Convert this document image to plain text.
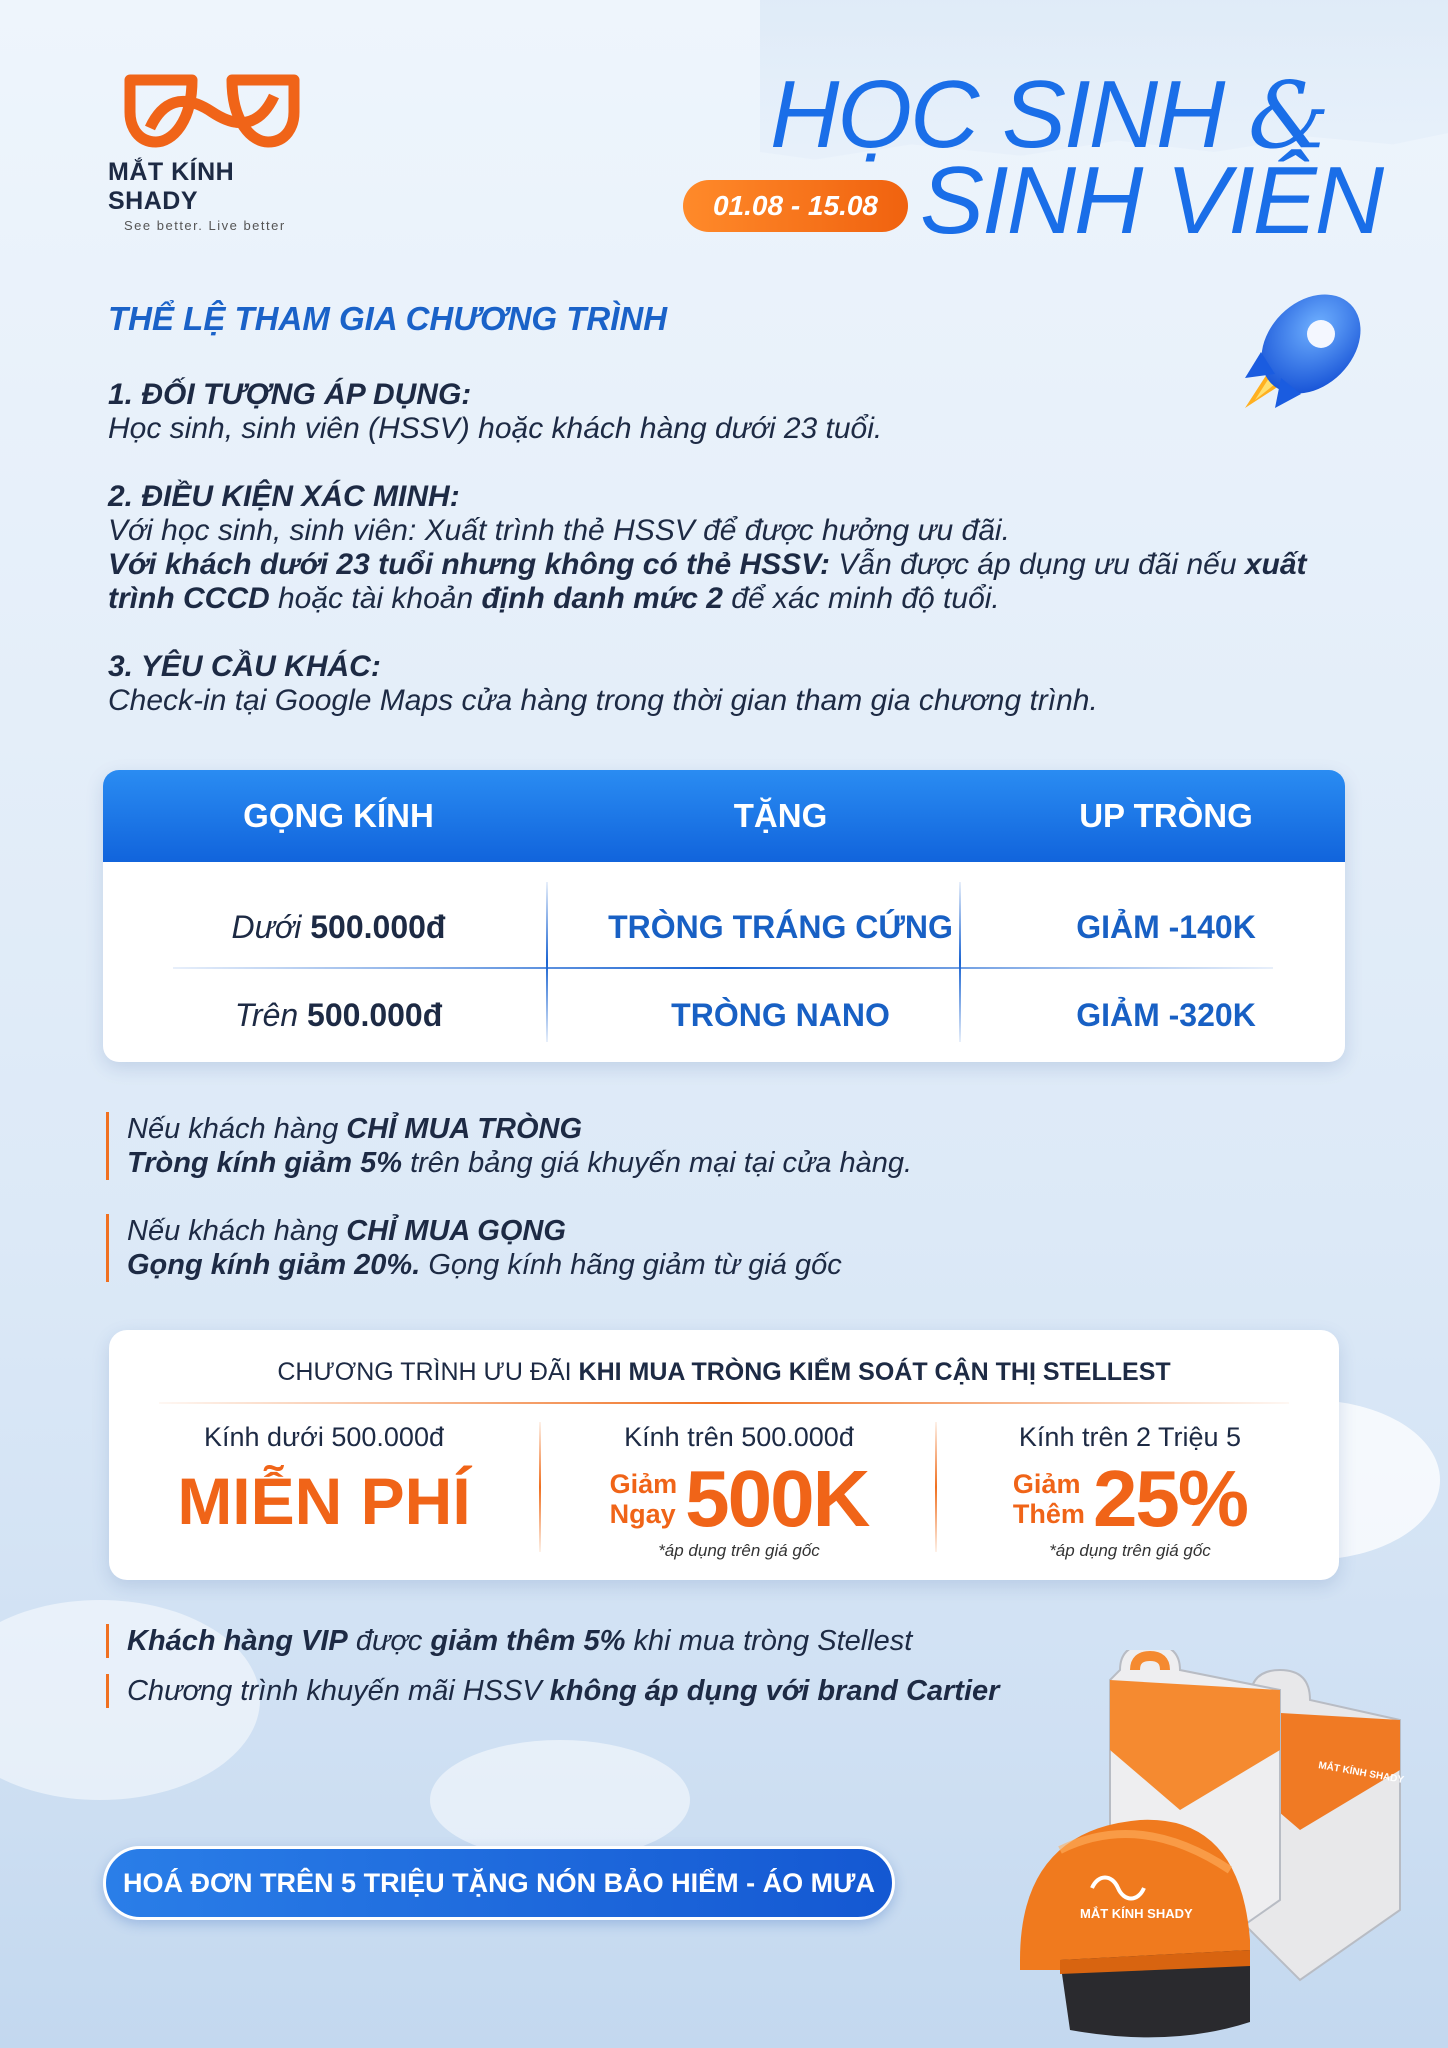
MẮT KÍNH SHADY
See better. Live better
HỌC SINH &
SINH VIÊN
01.08 - 15.08
THỂ LỆ THAM GIA CHƯƠNG TRÌNH
1. ĐỐI TƯỢNG ÁP DỤNG:
Học sinh, sinh viên (HSSV) hoặc khách hàng dưới 23 tuổi.
2. ĐIỀU KIỆN XÁC MINH:
Với học sinh, sinh viên: Xuất trình thẻ HSSV để được hưởng ưu đãi.
Với khách dưới 23 tuổi nhưng không có thẻ HSSV: Vẫn được áp dụng ưu đãi nếu xuất
trình CCCD hoặc tài khoản định danh mức 2 để xác minh độ tuổi.
3. YÊU CẦU KHÁC:
Check-in tại Google Maps cửa hàng trong thời gian tham gia chương trình.
GỌNG KÍNH	TẶNG	UP TRÒNG
Dưới 500.000đ	TRÒNG TRÁNG CỨNG	GIẢM -140K
Trên 500.000đ	TRÒNG NANO	GIẢM -320K
Nếu khách hàng CHỈ MUA TRÒNG
Tròng kính giảm 5% trên bảng giá khuyến mại tại cửa hàng.
Nếu khách hàng CHỈ MUA GỌNG
Gọng kính giảm 20%. Gọng kính hãng giảm từ giá gốc
CHƯƠNG TRÌNH ƯU ĐÃI KHI MUA TRÒNG KIỂM SOÁT CẬN THỊ STELLEST
Kính dưới 500.000đ
MIỄN PHÍ
Kính trên 500.000đ
Giảm
Ngay 500K
*áp dụng trên giá gốc
Kính trên 2 Triệu 5
Giảm
Thêm 25%
*áp dụng trên giá gốc
Khách hàng VIP được giảm thêm 5% khi mua tròng Stellest
Chương trình khuyến mãi HSSV không áp dụng với brand Cartier
MẮT KÍNH SHADY
MẮT KÍNH SHADY
HOÁ ĐƠN TRÊN 5 TRIỆU TẶNG NÓN BẢO HIỂM - ÁO MƯA
